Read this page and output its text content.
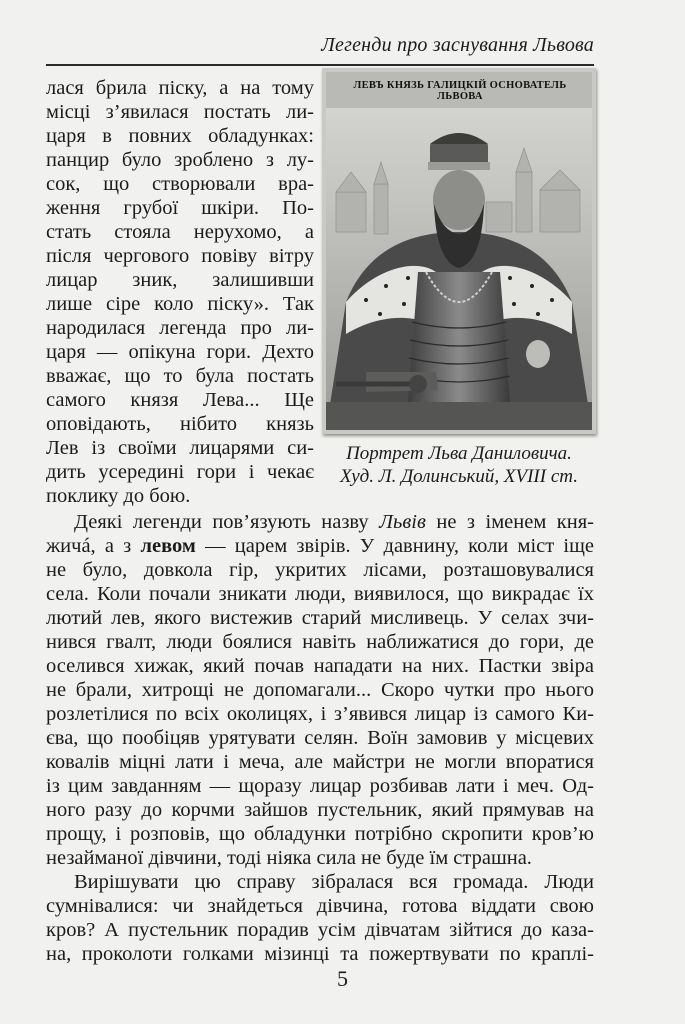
Легенди про заснування Львова
ЛЕВЪ КНЯЗЬ ГАЛИЦКІЙ ОСНОВАТЕЛЬ ЛЬВОВА
Портрет Льва Даниловича.
Худ. Л. Долинський, XVIII ст.
лася брила піску, а на тому
місці з’явилася постать ли-
царя в повних обладунках:
панцир було зроблено з лу-
сок, що створювали вра-
ження грубої шкіри. По-
стать стояла нерухомо, а
після чергового повіву вітру
лицар зник, залишивши
лише сіре коло піску». Так
народилася легенда про ли-
царя — опікуна гори. Дехто
вважає, що то була постать
самого князя Лева... Ще
оповідають, нібито князь
Лев із своїми лицарями си-
дить усередині гори і чекає
поклику до бою.
Деякі легенди пов’язують назву Львів не з іменем кня-
жичá, а з левом — царем звірів. У давнину, коли міст іще
не було, довкола гір, укритих лісами, розташовувалися
села. Коли почали зникати люди, виявилося, що викрадає їх
лютий лев, якого вистежив старий мисливець. У селах зчи-
нився гвалт, люди боялися навіть наближатися до гори, де
оселився хижак, який почав нападати на них. Пастки звіра
не брали, хитрощі не допомагали... Скоро чутки про нього
розлетілися по всіх околицях, і з’явився лицар із самого Ки-
єва, що пообіцяв урятувати селян. Воїн замовив у місцевих
ковалів міцні лати і меча, але майстри не могли впоратися
із цим завданням — щоразу лицар розбивав лати і меч. Од-
ного разу до корчми зайшов пустельник, який прямував на
прощу, і розповів, що обладунки потрібно скропити кров’ю
незайманої дівчини, тоді ніяка сила не буде їм страшна.
Вирішувати цю справу зібралася вся громада. Люди
сумнівалися: чи знайдеться дівчина, готова віддати свою
кров? А пустельник порадив усім дівчатам зійтися до каза-
на, проколоти голками мізинці та пожертвувати по краплі-
5
